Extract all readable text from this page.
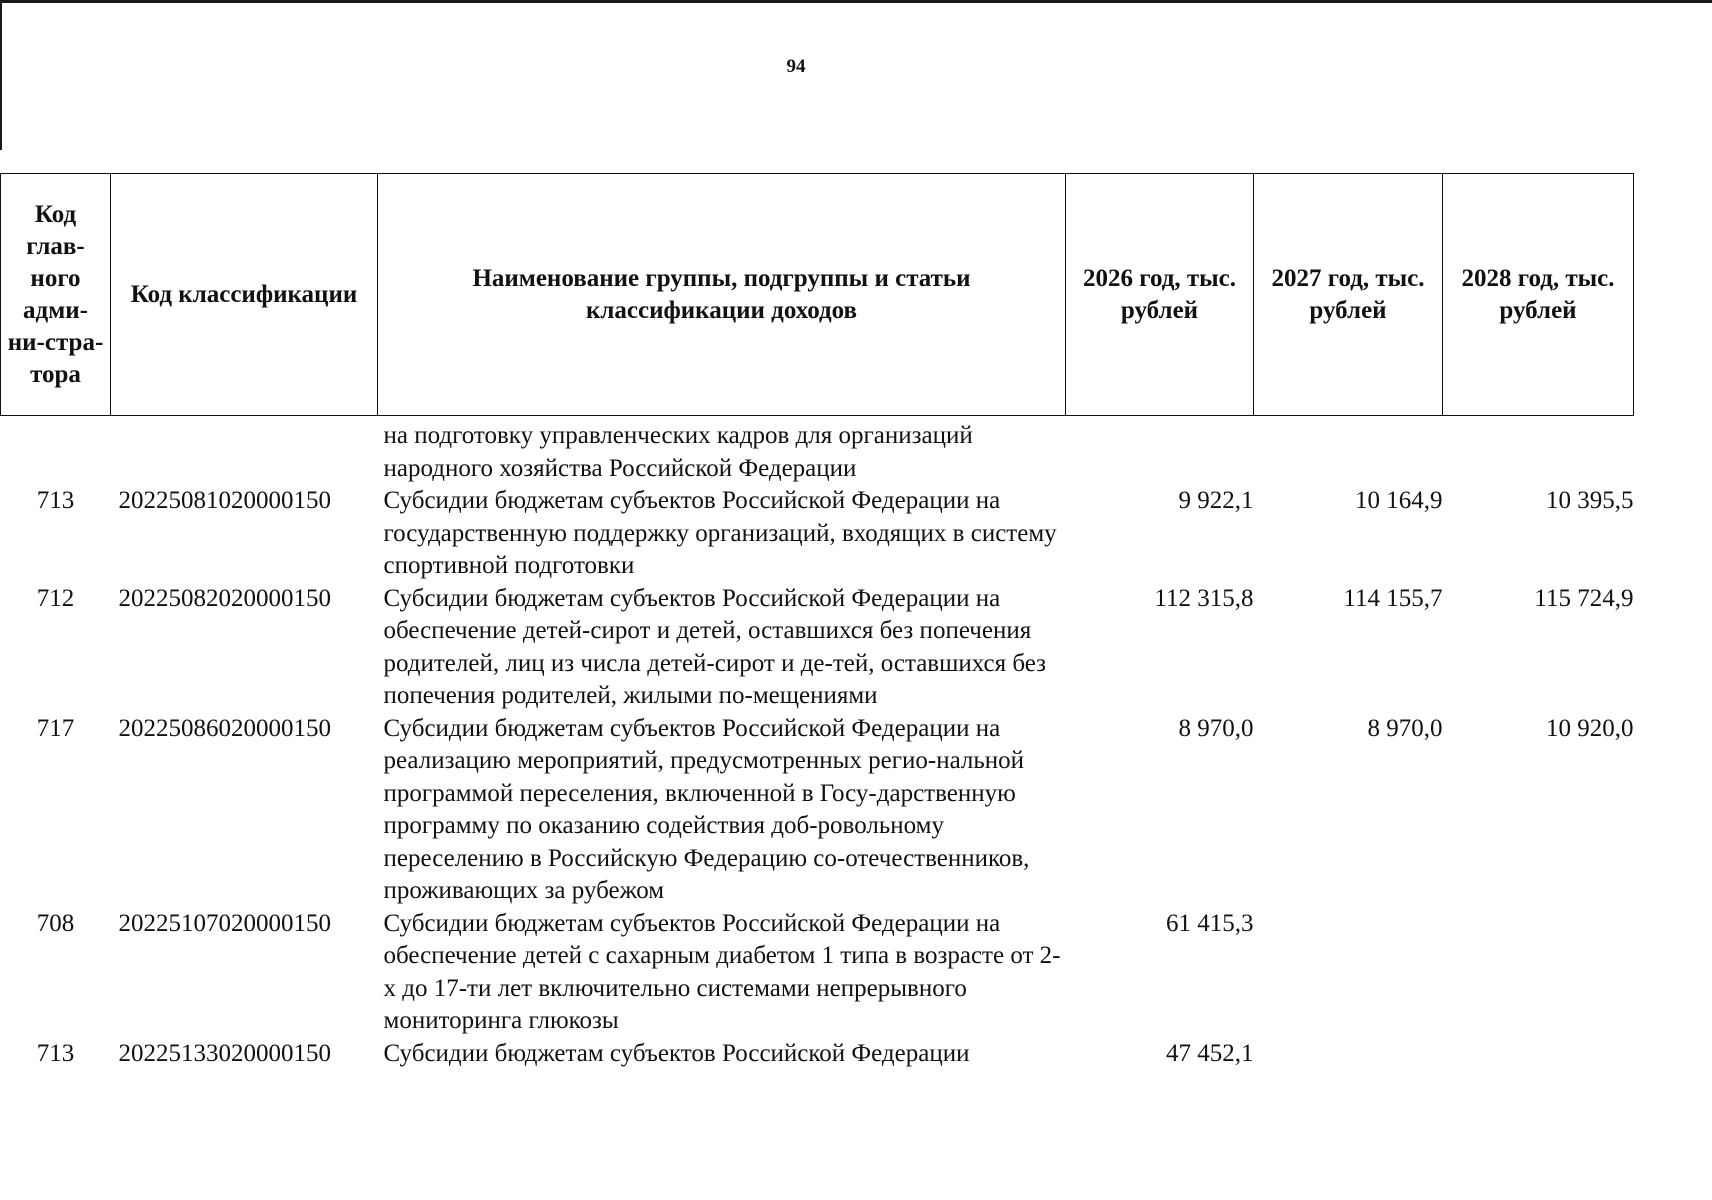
94
Код глав-ного адми-ни-стра-тора	Код классификации	Наименование группы, подгруппы и статьи классификации доходов	2026 год, тыс. рублей	2027 год, тыс. рублей	2028 год, тыс. рублей
		на подготовку управленческих кадров для организаций народного хозяйства Российской Федерации			
713	20225081020000150	Субсидии бюджетам субъектов Российской Федерации на государственную поддержку организаций, входящих в систему спортивной подготовки	9 922,1	10 164,9	10 395,5
712	20225082020000150	Субсидии бюджетам субъектов Российской Федерации на обеспечение детей-сирот и детей, оставшихся без попечения родителей, лиц из числа детей-сирот и де-тей, оставшихся без попечения родителей, жилыми по-мещениями	112 315,8	114 155,7	115 724,9
717	20225086020000150	Субсидии бюджетам субъектов Российской Федерации на реализацию мероприятий, предусмотренных регио-нальной программой переселения, включенной в Госу-дарственную программу по оказанию содействия доб-ровольному переселению в Российскую Федерацию со-отечественников, проживающих за рубежом	8 970,0	8 970,0	10 920,0
708	20225107020000150	Субсидии бюджетам субъектов Российской Федерации на обеспечение детей с сахарным диабетом 1 типа в возрасте от 2-х до 17-ти лет включительно системами непрерывного мониторинга глюкозы	61 415,3		
713	20225133020000150	Субсидии бюджетам субъектов Российской Федерации	47 452,1		
